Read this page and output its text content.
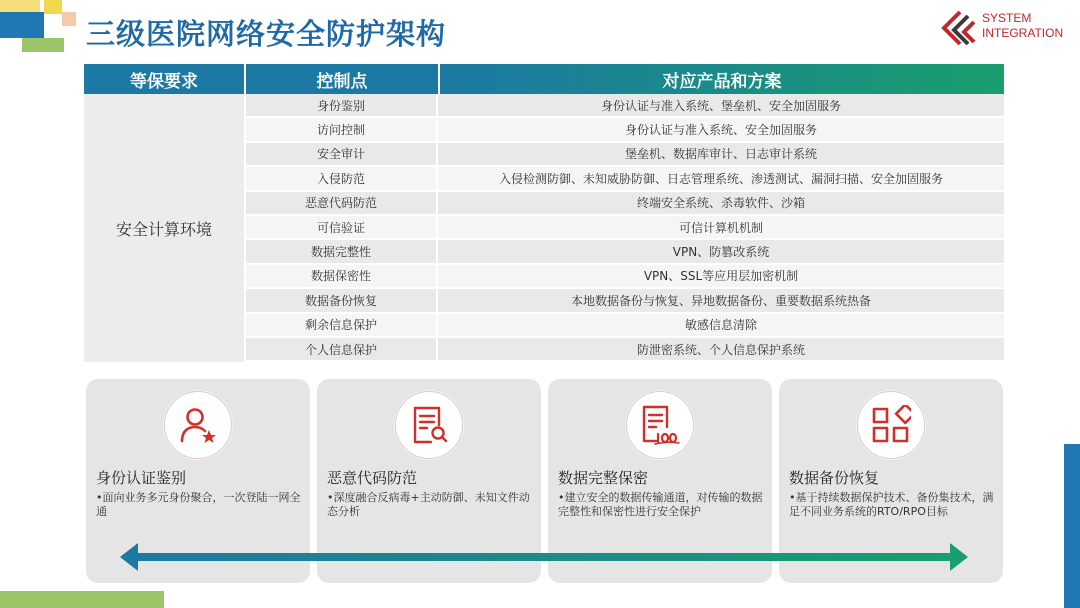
三级医院网络安全防护架构	SYSTEM
INTEGRATION
等保要求	控制点	对应产品和方案
安全计算环境	身份鉴别	身份认证与准入系统、堡垒机、安全加固服务
	访问控制	身份认证与准入系统、安全加固服务
	安全审计	堡垒机、数据库审计、日志审计系统
	入侵防范	入侵检测防御、未知威胁防御、日志管理系统、渗透测试、漏洞扫描、安全加固服务
	恶意代码防范	终端安全系统、杀毒软件、沙箱
	可信验证	可信计算机机制
	数据完整性	VPN、防篡改系统
	数据保密性	VPN、SSL等应用层加密机制
	数据备份恢复	本地数据备份与恢复、异地数据备份、重要数据系统热备
	剩余信息保护	敏感信息清除
	个人信息保护	防泄密系统、个人信息保护系统
身份认证鉴别
•面向业务多元身份聚合，一次登陆一网全通
恶意代码防范
•深度融合反病毒+主动防御、未知文件动态分析
数据完整保密
•建立安全的数据传输通道，对传输的数据完整性和保密性进行安全保护
数据备份恢复
•基于持续数据保护技术、备份集技术，满足不同业务系统的RTO/RPO目标
